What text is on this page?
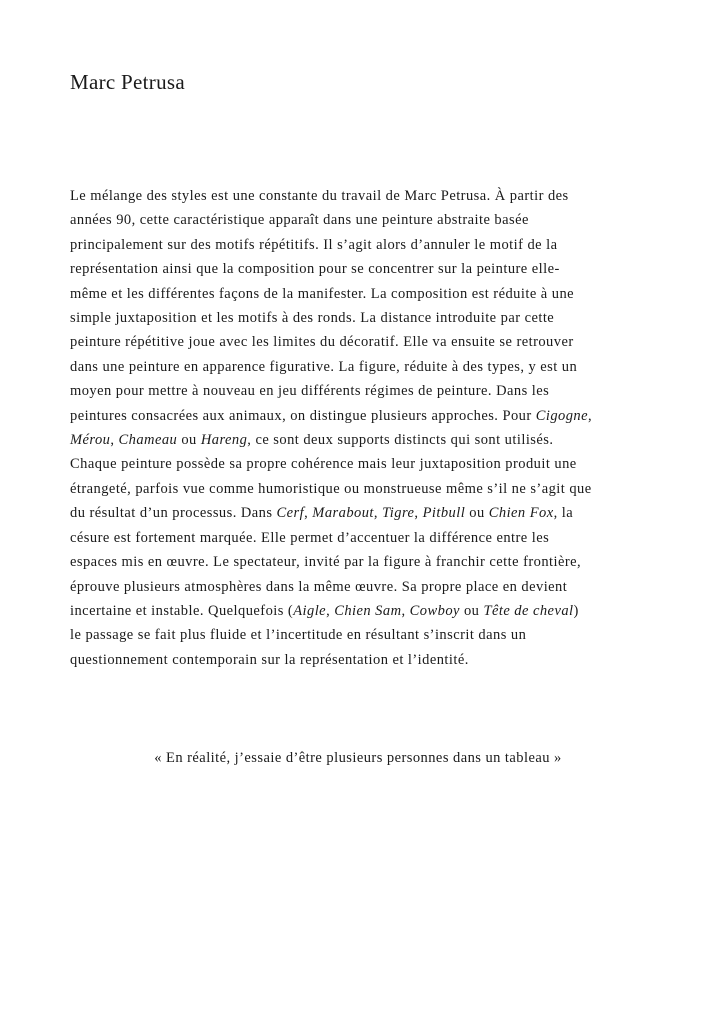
Marc Petrusa
Le mélange des styles est une constante du travail de Marc Petrusa. À partir des
années 90, cette caractéristique apparaît dans une peinture abstraite basée
principalement sur des motifs répétitifs. Il s’agit alors d’annuler le motif de la
représentation ainsi que la composition pour se concentrer sur la peinture elle-
même et les différentes façons de la manifester. La composition est réduite à une
simple juxtaposition et les motifs à des ronds. La distance introduite par cette
peinture répétitive joue avec les limites du décoratif. Elle va ensuite se retrouver
dans une peinture en apparence figurative. La figure, réduite à des types, y est un
moyen pour mettre à nouveau en jeu différents régimes de peinture. Dans les
peintures consacrées aux animaux, on distingue plusieurs approches. Pour Cigogne,
Mérou, Chameau ou Hareng, ce sont deux supports distincts qui sont utilisés.
Chaque peinture possède sa propre cohérence mais leur juxtaposition produit une
étrangeté, parfois vue comme humoristique ou monstrueuse même s’il ne s’agit que
du résultat d’un processus. Dans Cerf, Marabout, Tigre, Pitbull ou Chien Fox, la
césure est fortement marquée. Elle permet d’accentuer la différence entre les
espaces mis en œuvre. Le spectateur, invité par la figure à franchir cette frontière,
éprouve plusieurs atmosphères dans la même œuvre. Sa propre place en devient
incertaine et instable. Quelquefois (Aigle, Chien Sam, Cowboy ou Tête de cheval)
le passage se fait plus fluide et l’incertitude en résultant s’inscrit dans un
questionnement contemporain sur la représentation et l’identité.
« En réalité, j’essaie d’être plusieurs personnes dans un tableau »
